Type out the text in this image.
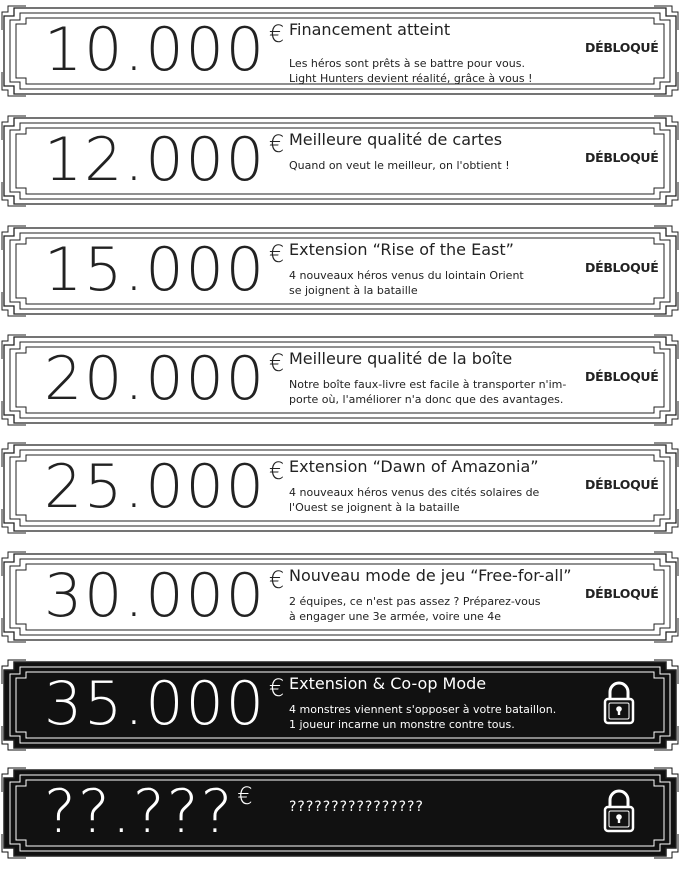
10.000 € Financement atteint
Les héros sont prêts à se battre pour vous.
Light Hunters devient réalité, grâce à vous !
DÉBLOQUÉ
12.000 € Meilleure qualité de cartes
Quand on veut le meilleur, on l'obtient !
DÉBLOQUÉ
15.000 € Extension “Rise of the East”
4 nouveaux héros venus du lointain Orient
se joignent à la bataille
DÉBLOQUÉ
20.000 € Meilleure qualité de la boîte
Notre boîte faux-livre est facile à transporter n'im-
porte où, l'améliorer n'a donc que des avantages.
DÉBLOQUÉ
25.000 € Extension “Dawn of Amazonia”
4 nouveaux héros venus des cités solaires de
l'Ouest se joignent à la bataille
DÉBLOQUÉ
30.000 € Nouveau mode de jeu “Free-for-all”
2 équipes, ce n'est pas assez ? Préparez-vous
à engager une 3e armée, voire une 4e
DÉBLOQUÉ
35.000 € Extension & Co-op Mode
4 monstres viennent s'opposer à votre bataillon.
1 joueur incarne un monstre contre tous.
??.??? €	????????????????
